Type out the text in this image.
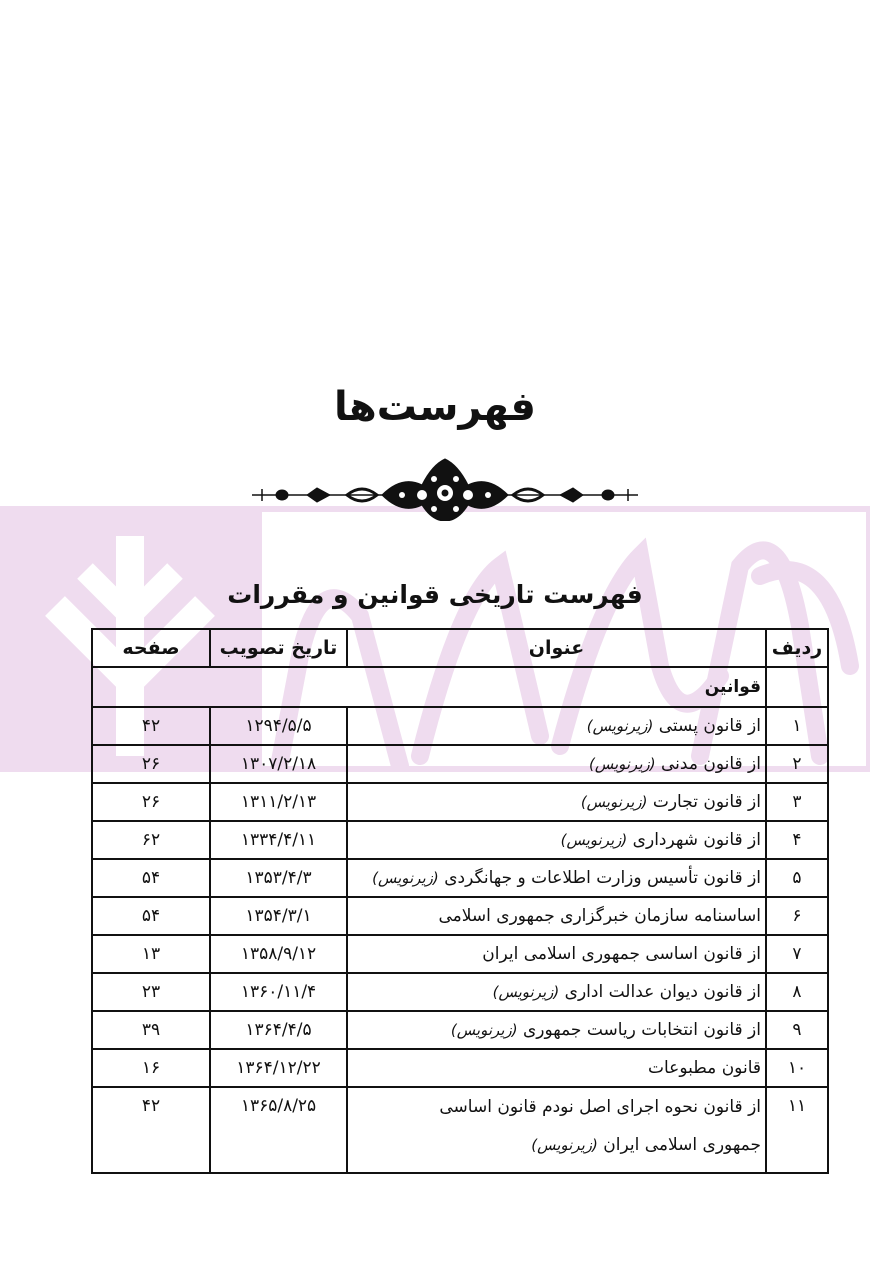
فهرست‌ها
فهرست تاریخی قوانین و مقررات
ردیف	عنوان	تاریخ تصویب	صفحه
	قوانین		
۱	از قانون پستی (زیرنویس)	۱۲۹۴/۵/۵	۴۲
۲	از قانون مدنی (زیرنویس)	۱۳۰۷/۲/۱۸	۲۶
۳	از قانون تجارت (زیرنویس)	۱۳۱۱/۲/۱۳	۲۶
۴	از قانون شهرداری (زیرنویس)	۱۳۳۴/۴/۱۱	۶۲
۵	از قانون تأسیس وزارت اطلاعات و جهانگردی (زیرنویس)	۱۳۵۳/۴/۳	۵۴
۶	اساسنامه سازمان خبرگزاری جمهوری اسلامی	۱۳۵۴/۳/۱	۵۴
۷	از قانون اساسی جمهوری اسلامی ایران	۱۳۵۸/۹/۱۲	۱۳
۸	از قانون دیوان عدالت اداری (زیرنویس)	۱۳۶۰/۱۱/۴	۲۳
۹	از قانون انتخابات ریاست جمهوری (زیرنویس)	۱۳۶۴/۴/۵	۳۹
۱۰	قانون مطبوعات	۱۳۶۴/۱۲/۲۲	۱۶
۱۱	از قانون نحوه اجرای اصل نودم قانون اساسی
جمهوری اسلامی ایران (زیرنویس)	۱۳۶۵/۸/۲۵	۴۲
